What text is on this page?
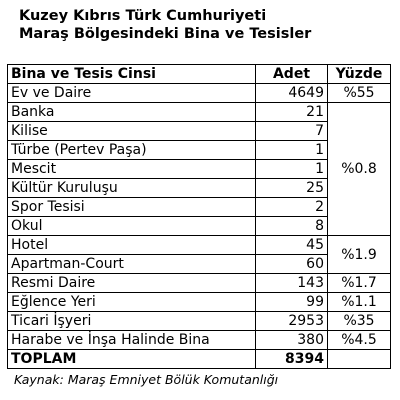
Kuzey Kıbrıs Türk Cumhuriyeti
Maraş Bölgesindeki Bina ve Tesisler
Bina ve Tesis Cinsi	Adet	Yüzde
Ev ve Daire	4649	%55
Banka	21	%0.8
Kilise	7	
Türbe (Pertev Paşa)	1	
Mescit	1	
Kültür Kuruluşu	25	
Spor Tesisi	2	
Okul	8	
Hotel	45	%1.9
Apartman-Court	60	
Resmi Daire	143	%1.7
Eğlence Yeri	99	%1.1
Ticari İşyeri	2953	%35
Harabe ve İnşa Halinde Bina	380	%4.5
TOPLAM	8394	
Kaynak: Maraş Emniyet Bölük Komutanlığı
